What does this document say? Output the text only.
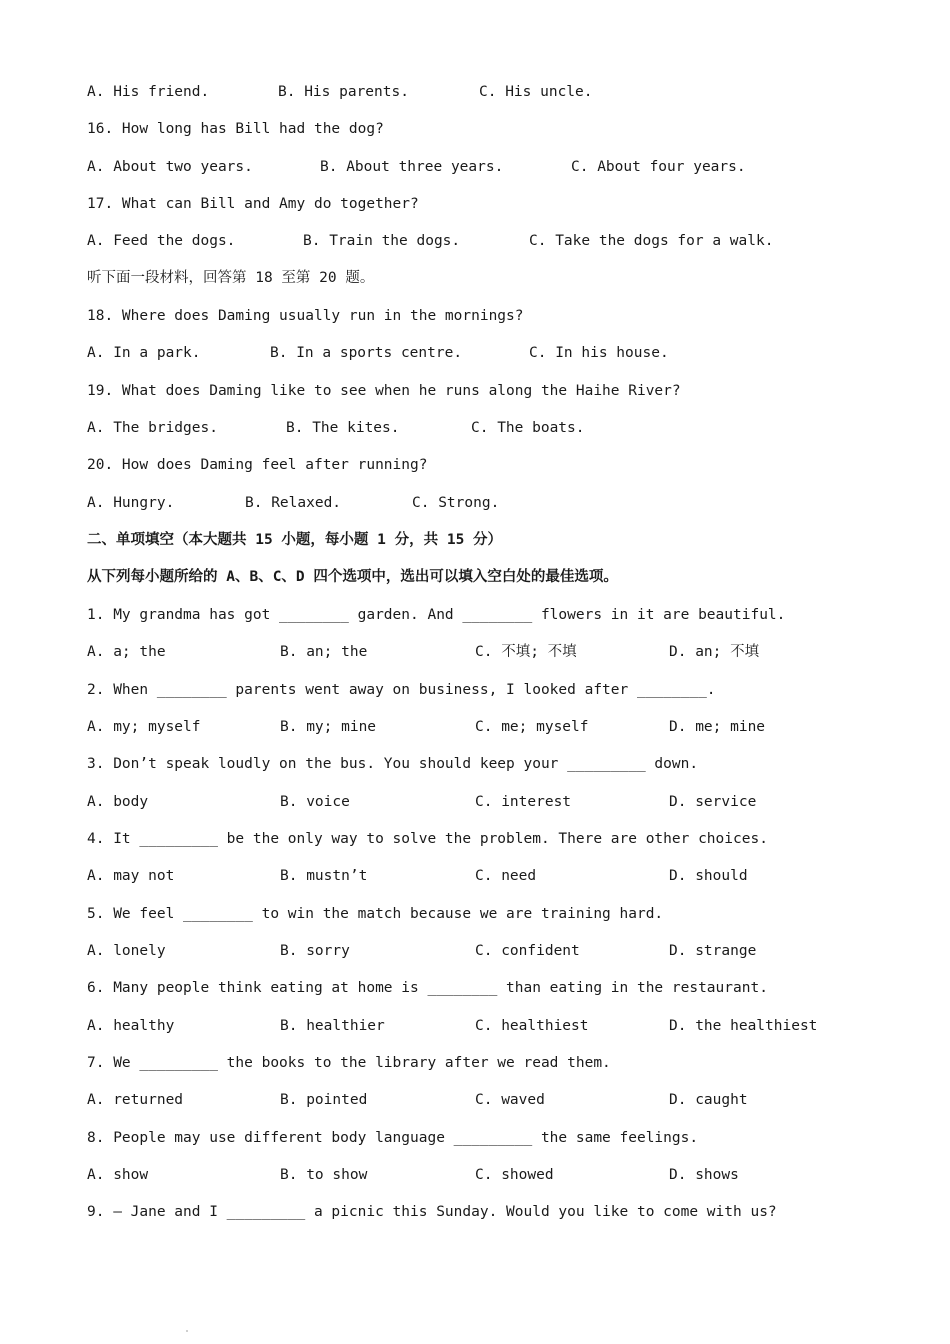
A. His friend.	B. His parents.	C. His uncle.
16. How long has Bill had the dog?
A. About two years.	B. About three years.	C. About four years.
17. What can Bill and Amy do together?
A. Feed the dogs.	B. Train the dogs.	C. Take the dogs for a walk.
听下面一段材料，回答第 18 至第 20 题。
18. Where does Daming usually run in the mornings?
A. In a park.	B. In a sports centre.	C. In his house.
19. What does Daming like to see when he runs along the Haihe River?
A. The bridges.	B. The kites.	C. The boats.
20. How does Daming feel after running?
A. Hungry.	B. Relaxed.	C. Strong.
二、单项填空（本大题共 15 小题，每小题 1 分，共 15 分）
从下列每小题所给的 A、B、C、D 四个选项中，选出可以填入空白处的最佳选项。
1. My grandma has got ________ garden. And ________ flowers in it are beautiful.
A. a; the	B. an; the	C. 不填; 不填	D. an; 不填
2. When ________ parents went away on business, I looked after ________.
A. my; myself	B. my; mine	C. me; myself	D. me; mine
3. Don’t speak loudly on the bus. You should keep your _________ down.
A. body	B. voice	C. interest	D. service
4. It _________ be the only way to solve the problem. There are other choices.
A. may not	B. mustn’t	C. need	D. should
5. We feel ________ to win the match because we are training hard.
A. lonely	B. sorry	C. confident	D. strange
6. Many people think eating at home is ________ than eating in the restaurant.
A. healthy	B. healthier	C. healthiest	D. the healthiest
7. We _________ the books to the library after we read them.
A. returned	B. pointed	C. waved	D. caught
8. People may use different body language _________ the same feelings.
A. show	B. to show	C. showed	D. shows
9. — Jane and I _________ a picnic this Sunday. Would you like to come with us?
